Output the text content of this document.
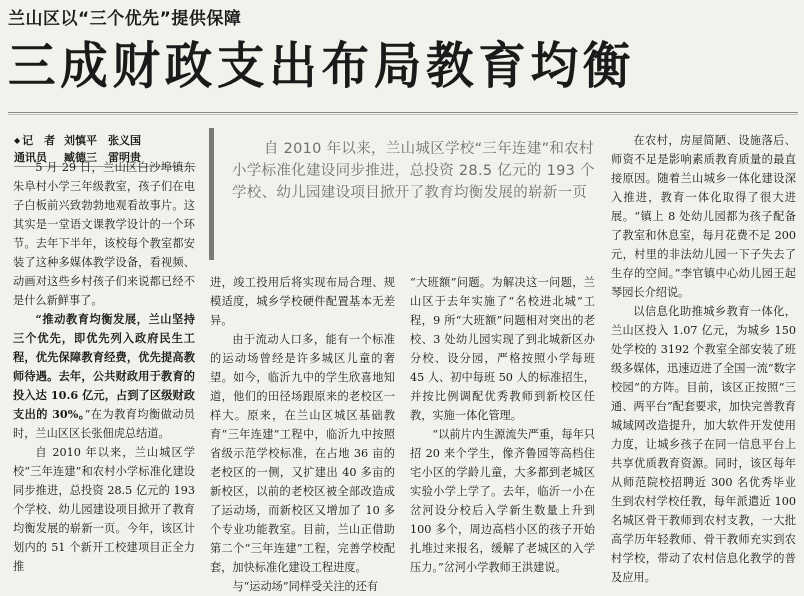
兰山区以“三个优先”提供保障
三成财政支出布局教育均衡
◆ 记　者 刘慎平　张义国
通讯员	臧德三　雷明贵

自 2010 年以来，兰山城区学校“三年连建”和农村小学标准化建设同步推进，总投资 28.5 亿元的 193 个学校、幼儿园建设项目掀开了教育均衡发展的崭新一页

5 月 29 日，兰山区白沙埠镇东朱阜村小学三年级教室，孩子们在电子白板前兴致勃勃地观看故事片。这其实是一堂语文课教学设计的一个环节。去年下半年，该校每个教室都安装了这种多媒体教学设备，看视频、动画对这些乡村孩子们来说都已经不是什么新鲜事了。

“推动教育均衡发展，兰山坚持三个优先，即优先列入政府民生工程，优先保障教育经费，优先提高教师待遇。去年，公共财政用于教育的投入达 10.6 亿元，占到了区级财政支出的 30%。”在为教育均衡做动员时，兰山区区长张佃虎总结道。

自 2010 年以来，兰山城区学校“三年连建”和农村小学标准化建设同步推进，总投资 28.5 亿元的 193 个学校、幼儿园建设项目掀开了教育均衡发展的崭新一页。今年，该区计划内的 51 个新开工校建项目正全力推

进，竣工投用后将实现布局合理、规模适度，城乡学校硬件配置基本无差异。

由于流动人口多，能有一个标准的运动场曾经是许多城区儿童的奢望。如今，临沂九中的学生欣喜地知道，他们的田径场跟原来的老校区一样大。原来，在兰山区城区基础教育“三年连建”工程中，临沂九中按照省级示范学校标准，在占地 36 亩的老校区的一侧，又扩建出 40 多亩的新校区，以前的老校区被全部改造成了运动场，而新校区又增加了 10 多个专业功能教室。目前，兰山正借助第二个“三年连建”工程，完善学校配套，加快标准化建设工程进度。

与“运动场”同样受关注的还有

“大班额”问题。为解决这一问题，兰山区于去年实施了“名校进北城”工程，9 所“大班额”问题相对突出的老校、3 处幼儿园实现了到北城新区办分校、设分园，严格按照小学每班 45 人、初中每班 50 人的标准招生，并按比例调配优秀教师到新校区任教，实施一体化管理。

“以前片内生源流失严重，每年只招 20 来个学生，像齐鲁园等高档住宅小区的学龄儿童，大多都到老城区实验小学上学了。去年，临沂一小在岔河设分校后入学新生数量上升到 100 多个，周边高档小区的孩子开始扎堆过来报名，缓解了老城区的入学压力。”岔河小学教师王洪建说。

在农村，房屋简陋、设施落后、师资不足是影响素质教育质量的最直接原因。随着兰山城乡一体化建设深入推进，教育一体化取得了很大进展。“镇上 8 处幼儿园都为孩子配备了教室和休息室，每月花费不足 200 元，村里的非法幼儿园一下子失去了生存的空间。”李官镇中心幼儿园王起琴园长介绍说。

以信息化助推城乡教育一体化，兰山区投入 1.07 亿元，为城乡 150 处学校的 3192 个教室全部安装了班级多媒体，迅速迈进了全国一流“数字校园”的方阵。目前，该区正按照“三通、两平台”配套要求，加快完善教育城域网改造提升，加大软件开发使用力度，让城乡孩子在同一信息平台上共享优质教育资源。同时，该区每年从师范院校招聘近 300 名优秀毕业生到农村学校任教，每年派遣近 100 名城区骨干教师到农村支教，一大批高学历年轻教师、骨干教师充实到农村学校，带动了农村信息化教学的普及应用。
